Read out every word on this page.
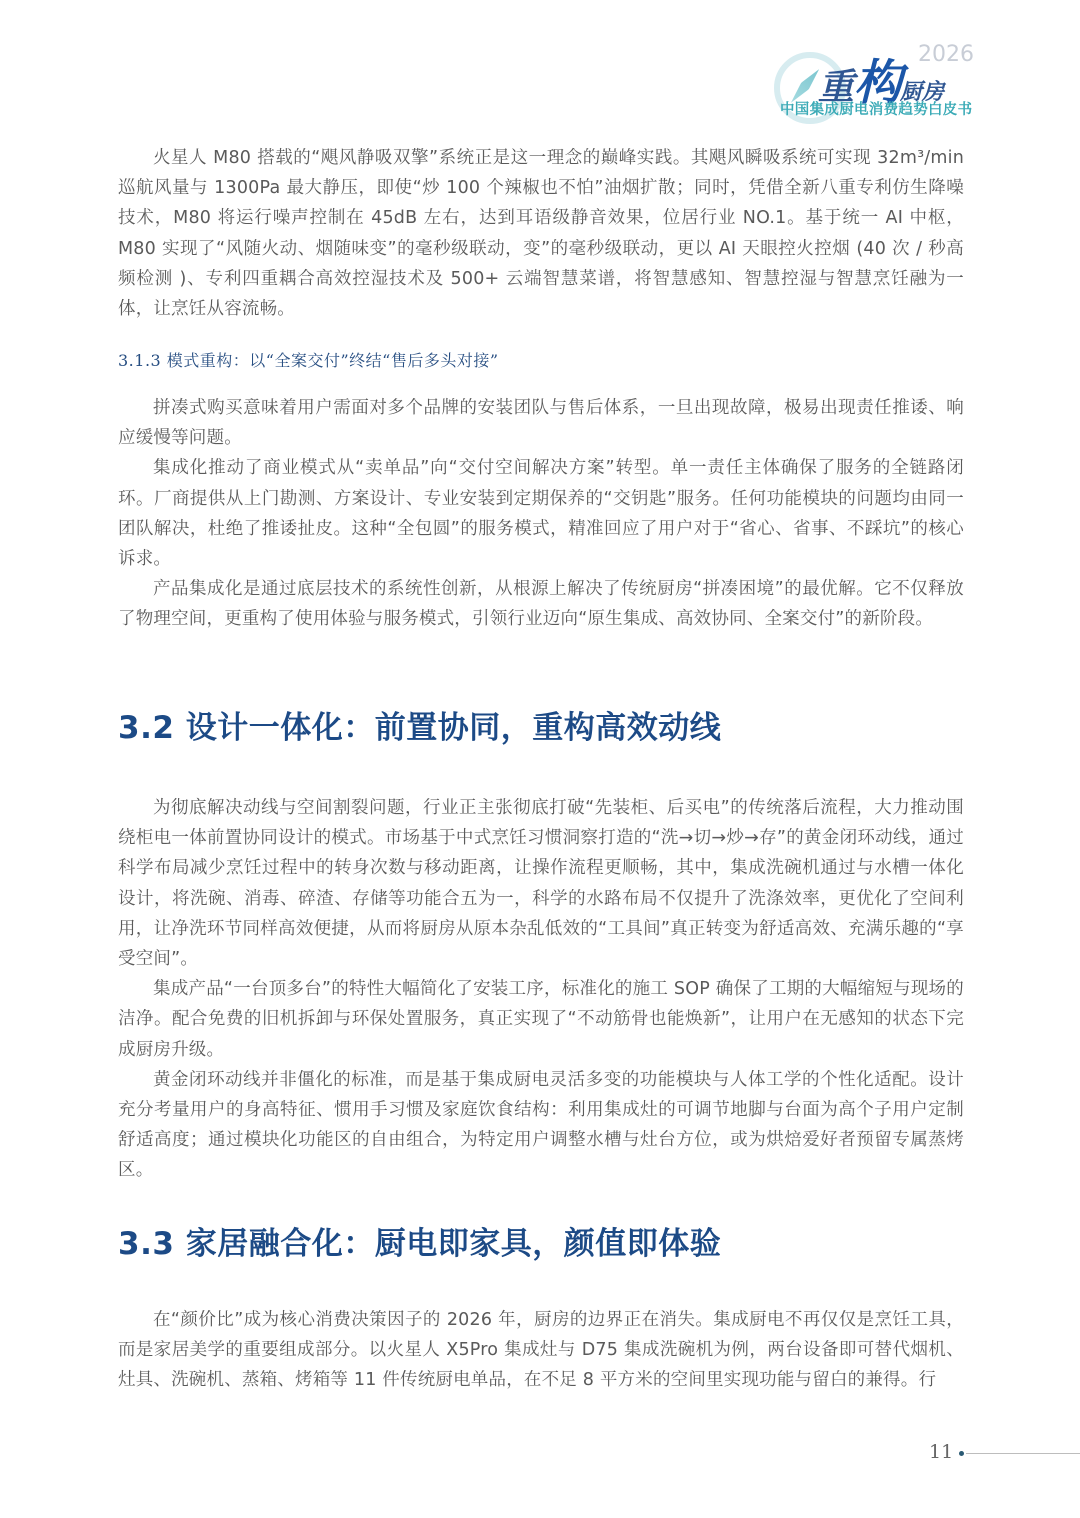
2026
重构厨房
中国集成厨电消费趋势白皮书

火星人 M80 搭载的“飓风静吸双擎”系统正是这一理念的巅峰实践。其飓风瞬吸系统可实现 32m³/min 巡航风量与 1300Pa 最大静压，即使“炒 100 个辣椒也不怕”油烟扩散；同时，凭借全新八重专利仿生降噪技术，M80 将运行噪声控制在 45dB 左右，达到耳语级静音效果，位居行业 NO.1。基于统一 AI 中枢，M80 实现了“风随火动、烟随味变”的毫秒级联动，变”的毫秒级联动，更以 AI 天眼控火控烟 (40 次 / 秒高频检测 )、专利四重耦合高效控湿技术及 500+ 云端智慧菜谱，将智慧感知、智慧控湿与智慧烹饪融为一体，让烹饪从容流畅。

3.1.3 模式重构：以“全案交付”终结“售后多头对接”

拼凑式购买意味着用户需面对多个品牌的安装团队与售后体系，一旦出现故障，极易出现责任推诿、响应缓慢等问题。

集成化推动了商业模式从“卖单品”向“交付空间解决方案”转型。单一责任主体确保了服务的全链路闭环。厂商提供从上门勘测、方案设计、专业安装到定期保养的“交钥匙”服务。任何功能模块的问题均由同一团队解决，杜绝了推诿扯皮。这种“全包圆”的服务模式，精准回应了用户对于“省心、省事、不踩坑”的核心诉求。

产品集成化是通过底层技术的系统性创新，从根源上解决了传统厨房“拼凑困境”的最优解。它不仅释放了物理空间，更重构了使用体验与服务模式，引领行业迈向“原生集成、高效协同、全案交付”的新阶段。

3.2 设计一体化：前置协同，重构高效动线

为彻底解决动线与空间割裂问题，行业正主张彻底打破“先装柜、后买电”的传统落后流程，大力推动围绕柜电一体前置协同设计的模式。市场基于中式烹饪习惯洞察打造的“洗→切→炒→存”的黄金闭环动线，通过科学布局减少烹饪过程中的转身次数与移动距离，让操作流程更顺畅，其中，集成洗碗机通过与水槽一体化设计，将洗碗、消毒、碎渣、存储等功能合五为一，科学的水路布局不仅提升了洗涤效率，更优化了空间利用，让净洗环节同样高效便捷，从而将厨房从原本杂乱低效的“工具间”真正转变为舒适高效、充满乐趣的“享受空间”。

集成产品“一台顶多台”的特性大幅简化了安装工序，标准化的施工 SOP 确保了工期的大幅缩短与现场的洁净。配合免费的旧机拆卸与环保处置服务，真正实现了“不动筋骨也能焕新”，让用户在无感知的状态下完成厨房升级。

黄金闭环动线并非僵化的标准，而是基于集成厨电灵活多变的功能模块与人体工学的个性化适配。设计充分考量用户的身高特征、惯用手习惯及家庭饮食结构：利用集成灶的可调节地脚与台面为高个子用户定制舒适高度；通过模块化功能区的自由组合，为特定用户调整水槽与灶台方位，或为烘焙爱好者预留专属蒸烤区。

3.3 家居融合化：厨电即家具，颜值即体验

在“颜价比”成为核心消费决策因子的 2026 年，厨房的边界正在消失。集成厨电不再仅仅是烹饪工具，而是家居美学的重要组成部分。以火星人 X5Pro 集成灶与 D75 集成洗碗机为例，两台设备即可替代烟机、灶具、洗碗机、蒸箱、烤箱等 11 件传统厨电单品，在不足 8 平方米的空间里实现功能与留白的兼得。行

11
